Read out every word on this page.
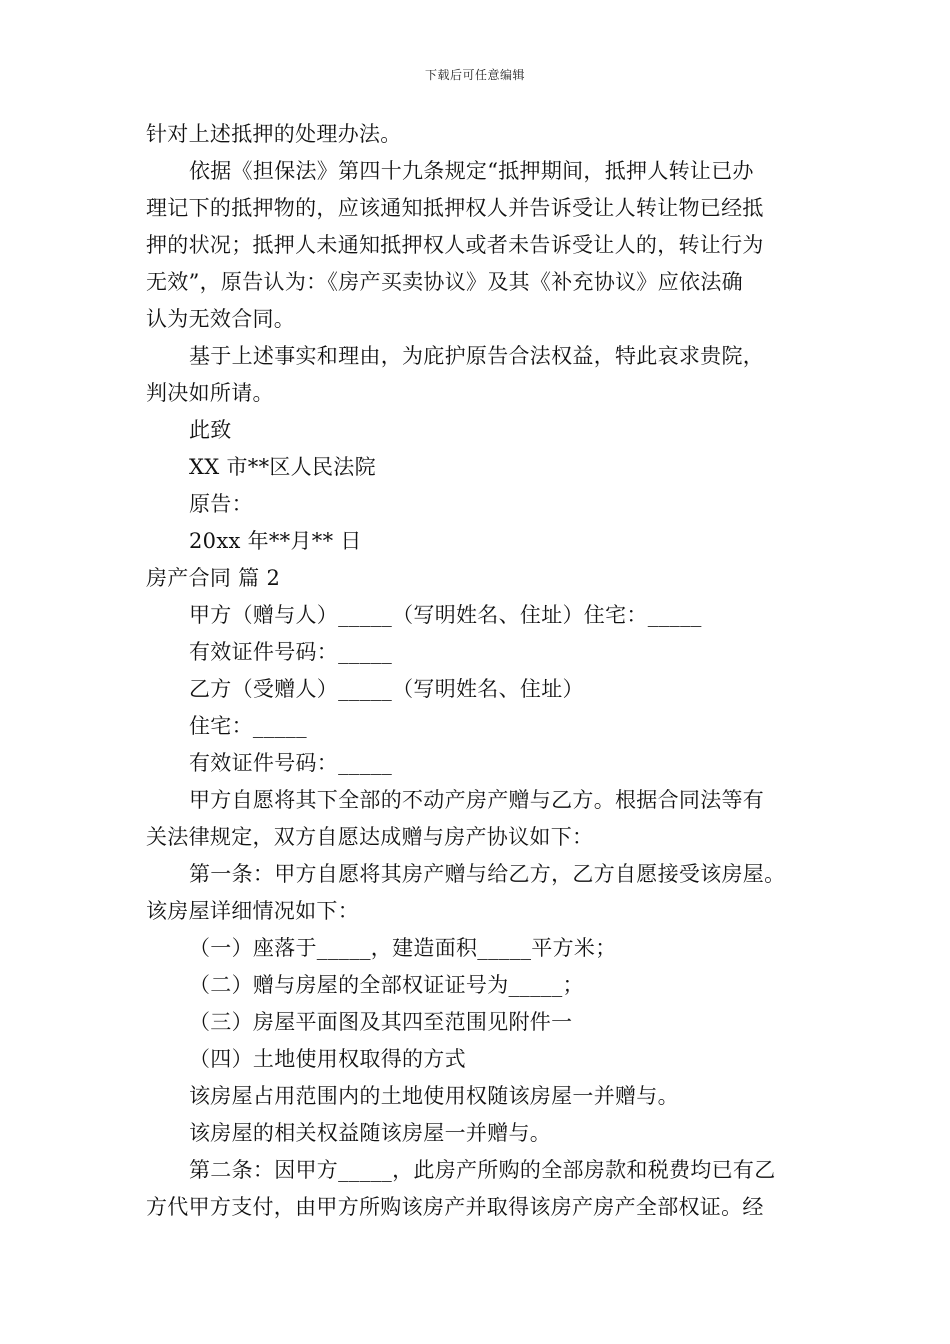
下载后可任意编辑
针对上述抵押的处理办法。
依据《担保法》第四十九条规定“抵押期间，抵押人转让已办
理记下的抵押物的，应该通知抵押权人并告诉受让人转让物已经抵
押的状况；抵押人未通知抵押权人或者未告诉受让人的，转让行为
无效”，原告认为：《房产买卖协议》及其《补充协议》应依法确
认为无效合同。
基于上述事实和理由，为庇护原告合法权益，特此哀求贵院，
判决如所请。
此致
XX 市**区人民法院
原告：
20xx 年**月** 日
房产合同 篇 2
甲方（赠与人）_____（写明姓名、住址）住宅：_____
有效证件号码：_____
乙方（受赠人）_____（写明姓名、住址）
住宅：_____
有效证件号码：_____
甲方自愿将其下全部的不动产房产赠与乙方。根据合同法等有
关法律规定，双方自愿达成赠与房产协议如下：
第一条：甲方自愿将其房产赠与给乙方，乙方自愿接受该房屋。
该房屋详细情况如下：
（一）座落于_____，建造面积_____平方米；
（二）赠与房屋的全部权证证号为_____；
（三）房屋平面图及其四至范围见附件一
（四）土地使用权取得的方式
该房屋占用范围内的土地使用权随该房屋一并赠与。
该房屋的相关权益随该房屋一并赠与。
第二条：因甲方_____，此房产所购的全部房款和税费均已有乙
方代甲方支付，由甲方所购该房产并取得该房产房产全部权证。经
